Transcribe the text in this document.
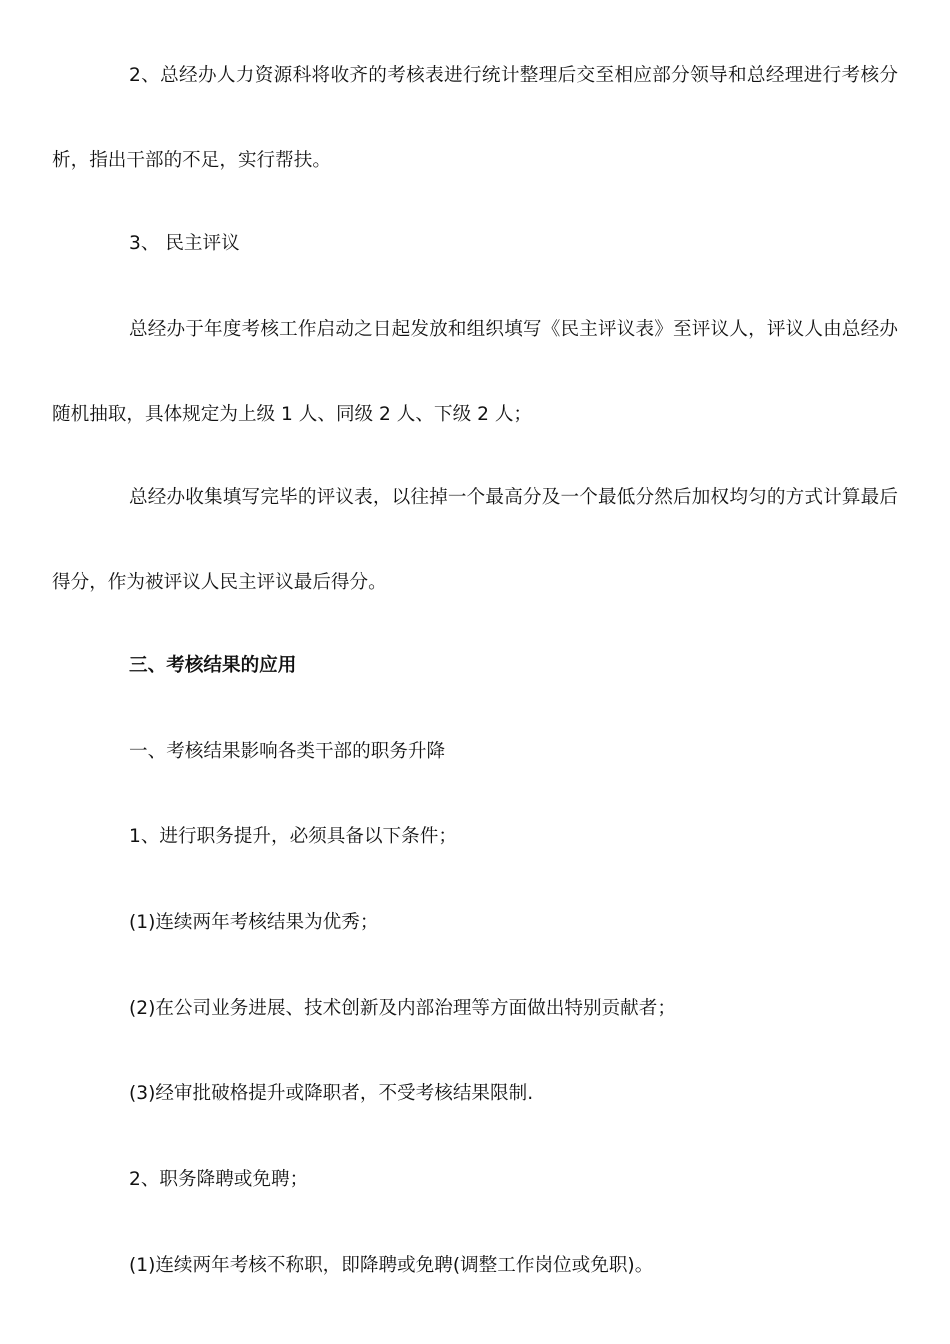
2、总经办人力资源科将收齐的考核表进行统计整理后交至相应部分领导和总经理进行考核分析，指出干部的不足，实行帮扶。

3、 民主评议

总经办于年度考核工作启动之日起发放和组织填写《民主评议表》至评议人，评议人由总经办随机抽取，具体规定为上级 1 人、同级 2 人、下级 2 人；

总经办收集填写完毕的评议表，以往掉一个最高分及一个最低分然后加权均匀的方式计算最后得分，作为被评议人民主评议最后得分。

三、考核结果的应用

一、考核结果影响各类干部的职务升降

1、进行职务提升，必须具备以下条件；

(1)连续两年考核结果为优秀；

(2)在公司业务进展、技术创新及内部治理等方面做出特别贡献者；

(3)经审批破格提升或降职者，不受考核结果限制.

2、职务降聘或免聘；

(1)连续两年考核不称职，即降聘或免聘(调整工作岗位或免职)。
